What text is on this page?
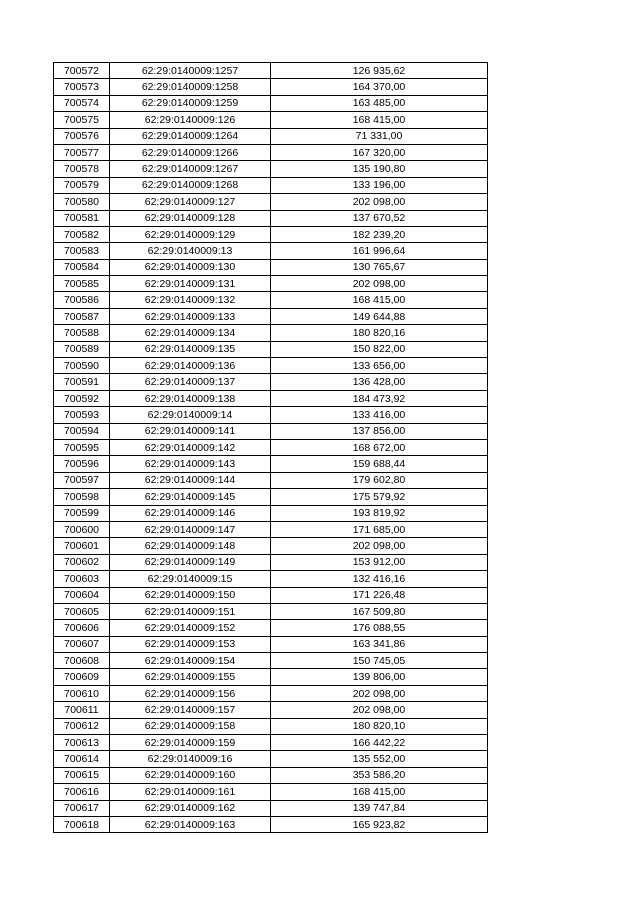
700572	62:29:0140009:1257	126 935,62
700573	62:29:0140009:1258	164 370,00
700574	62:29:0140009:1259	163 485,00
700575	62:29:0140009:126	168 415,00
700576	62:29:0140009:1264	71 331,00
700577	62:29:0140009:1266	167 320,00
700578	62:29:0140009:1267	135 190,80
700579	62:29:0140009:1268	133 196,00
700580	62:29:0140009:127	202 098,00
700581	62:29:0140009:128	137 670,52
700582	62:29:0140009:129	182 239,20
700583	62:29:0140009:13	161 996,64
700584	62:29:0140009:130	130 765,67
700585	62:29:0140009:131	202 098,00
700586	62:29:0140009:132	168 415,00
700587	62:29:0140009:133	149 644,88
700588	62:29:0140009:134	180 820,16
700589	62:29:0140009:135	150 822,00
700590	62:29:0140009:136	133 656,00
700591	62:29:0140009:137	136 428,00
700592	62:29:0140009:138	184 473,92
700593	62:29:0140009:14	133 416,00
700594	62:29:0140009:141	137 856,00
700595	62:29:0140009:142	168 672,00
700596	62:29:0140009:143	159 688,44
700597	62:29:0140009:144	179 602,80
700598	62:29:0140009:145	175 579,92
700599	62:29:0140009:146	193 819,92
700600	62:29:0140009:147	171 685,00
700601	62:29:0140009:148	202 098,00
700602	62:29:0140009:149	153 912,00
700603	62:29:0140009:15	132 416,16
700604	62:29:0140009:150	171 226,48
700605	62:29:0140009:151	167 509,80
700606	62:29:0140009:152	176 088,55
700607	62:29:0140009:153	163 341,86
700608	62:29:0140009:154	150 745,05
700609	62:29:0140009:155	139 806,00
700610	62:29:0140009:156	202 098,00
700611	62:29:0140009:157	202 098,00
700612	62:29:0140009:158	180 820,10
700613	62:29:0140009:159	166 442,22
700614	62:29:0140009:16	135 552,00
700615	62:29:0140009:160	353 586,20
700616	62:29:0140009:161	168 415,00
700617	62:29:0140009:162	139 747,84
700618	62:29:0140009:163	165 923,82
